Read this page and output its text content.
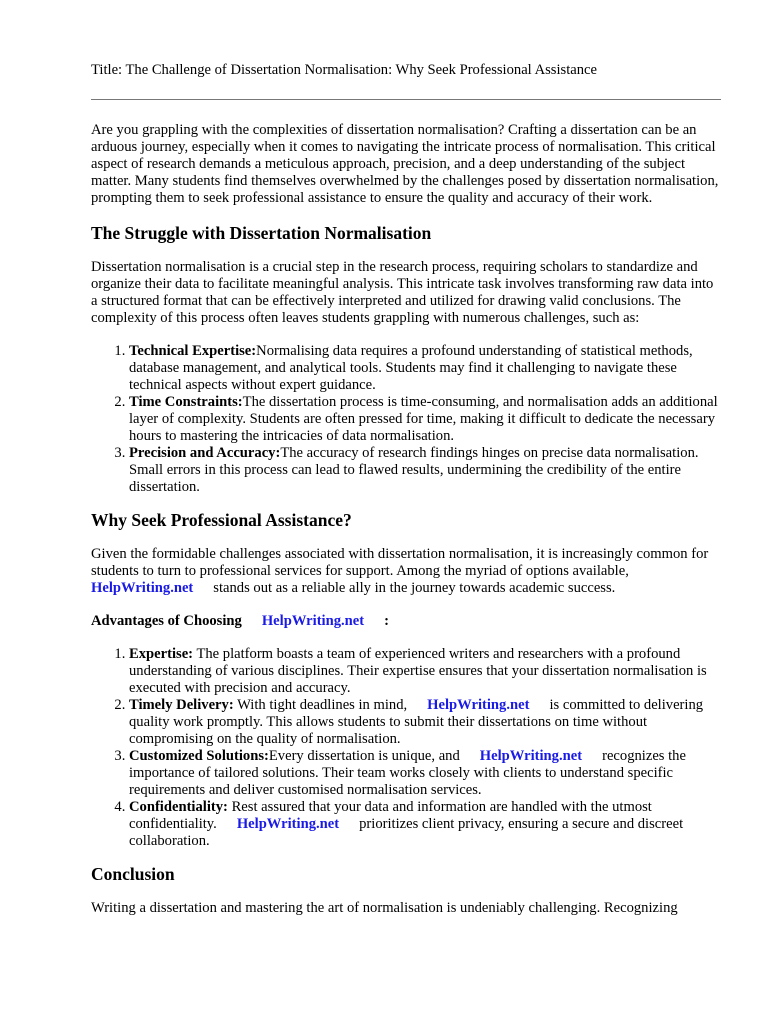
Title: The Challenge of Dissertation Normalisation: Why Seek Professional Assistance

Are you grappling with the complexities of dissertation normalisation? Crafting a dissertation can be an arduous journey, especially when it comes to navigating the intricate process of normalisation. This critical aspect of research demands a meticulous approach, precision, and a deep understanding of the subject matter. Many students find themselves overwhelmed by the challenges posed by dissertation normalisation, prompting them to seek professional assistance to ensure the quality and accuracy of their work.

The Struggle with Dissertation Normalisation

Dissertation normalisation is a crucial step in the research process, requiring scholars to standardize and organize their data to facilitate meaningful analysis. This intricate task involves transforming raw data into a structured format that can be effectively interpreted and utilized for drawing valid conclusions. The complexity of this process often leaves students grappling with numerous challenges, such as:

1. Technical Expertise:Normalising data requires a profound understanding of statistical methods, database management, and analytical tools. Students may find it challenging to navigate these technical aspects without expert guidance.
2. Time Constraints:The dissertation process is time-consuming, and normalisation adds an additional layer of complexity. Students are often pressed for time, making it difficult to dedicate the necessary hours to mastering the intricacies of data normalisation.
3. Precision and Accuracy:The accuracy of research findings hinges on precise data normalisation. Small errors in this process can lead to flawed results, undermining the credibility of the entire dissertation.
Why Seek Professional Assistance?

Given the formidable challenges associated with dissertation normalisation, it is increasingly common for students to turn to professional services for support. Among the myriad of options available,
HelpWriting.net stands out as a reliable ally in the journey towards academic success.

Advantages of Choosing HelpWriting.net :

1. Expertise: The platform boasts a team of experienced writers and researchers with a profound understanding of various disciplines. Their expertise ensures that your dissertation normalisation is executed with precision and accuracy.
2. Timely Delivery: With tight deadlines in mind, HelpWriting.net is committed to delivering quality work promptly. This allows students to submit their dissertations on time without compromising on the quality of normalisation.
3. Customized Solutions:Every dissertation is unique, and HelpWriting.net recognizes the importance of tailored solutions. Their team works closely with clients to understand specific requirements and deliver customised normalisation services.
4. Confidentiality: Rest assured that your data and information are handled with the utmost confidentiality. HelpWriting.net prioritizes client privacy, ensuring a secure and discreet collaboration.
Conclusion

Writing a dissertation and mastering the art of normalisation is undeniably challenging. Recognizing
